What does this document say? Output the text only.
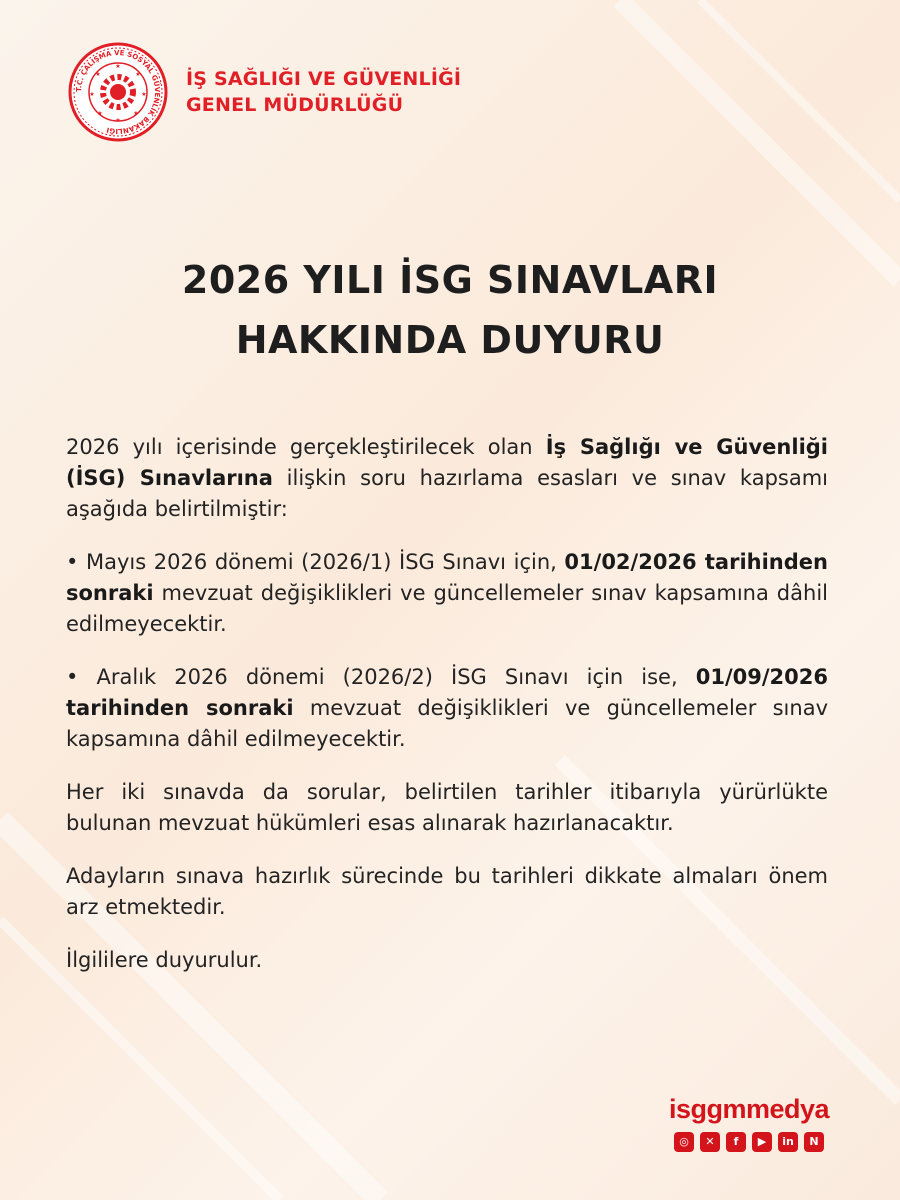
T.C. ÇALIŞMA VE SOSYAL GÜVENLİK BAKANLIĞI
★
★
★
★
★
★
★
★	İŞ SAĞLIĞI VE GÜVENLİĞİ
GENEL MÜDÜRLÜĞÜ
2026 YILI İSG SINAVLARI
HAKKINDA DUYURU

2026 yılı içerisinde gerçekleştirilecek olan İş Sağlığı ve Güvenliği (İSG) Sınavlarına ilişkin soru hazırlama esasları ve sınav kapsamı aşağıda belirtilmiştir:

• Mayıs 2026 dönemi (2026/1) İSG Sınavı için, 01/02/2026 tarihinden sonraki mevzuat değişiklikleri ve güncellemeler sınav kapsamına dâhil edilmeyecektir.

• Aralık 2026 dönemi (2026/2) İSG Sınavı için ise, 01/09/2026 tarihinden sonraki mevzuat değişiklikleri ve güncellemeler sınav kapsamına dâhil edilmeyecektir.

Her iki sınavda da sorular, belirtilen tarihler itibarıyla yürürlükte bulunan mevzuat hükümleri esas alınarak hazırlanacaktır.

Adayların sınava hazırlık sürecinde bu tarihleri dikkate almaları önem arz etmektedir.

İlgililere duyurulur.

isggmmedya
◎	✕	f	▶	in	N
